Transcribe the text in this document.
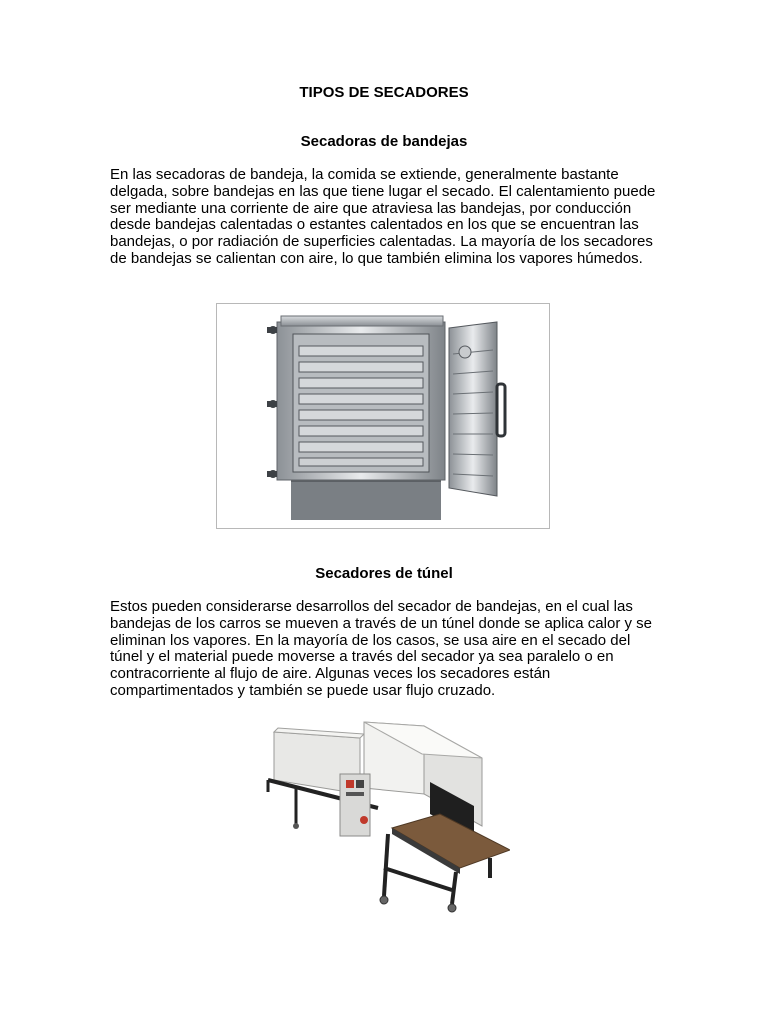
TIPOS DE SECADORES
Secadoras de bandejas

En las secadoras de bandeja, la comida se extiende, generalmente bastante delgada, sobre bandejas en las que tiene lugar el secado. El calentamiento puede ser mediante una corriente de aire que atraviesa las bandejas, por conducción desde bandejas calentadas o estantes calentados en los que se encuentran las bandejas, o por radiación de superficies calentadas. La mayoría de los secadores de bandejas se calientan con aire, lo que también elimina los vapores húmedos.

Secadores de túnel

Estos pueden considerarse desarrollos del secador de bandejas, en el cual las bandejas de los carros se mueven a través de un túnel donde se aplica calor y se eliminan los vapores. En la mayoría de los casos, se usa aire en el secado del túnel y el material puede moverse a través del secador ya sea paralelo o en contracorriente al flujo de aire. Algunas veces los secadores están compartimentados y también se puede usar flujo cruzado.
